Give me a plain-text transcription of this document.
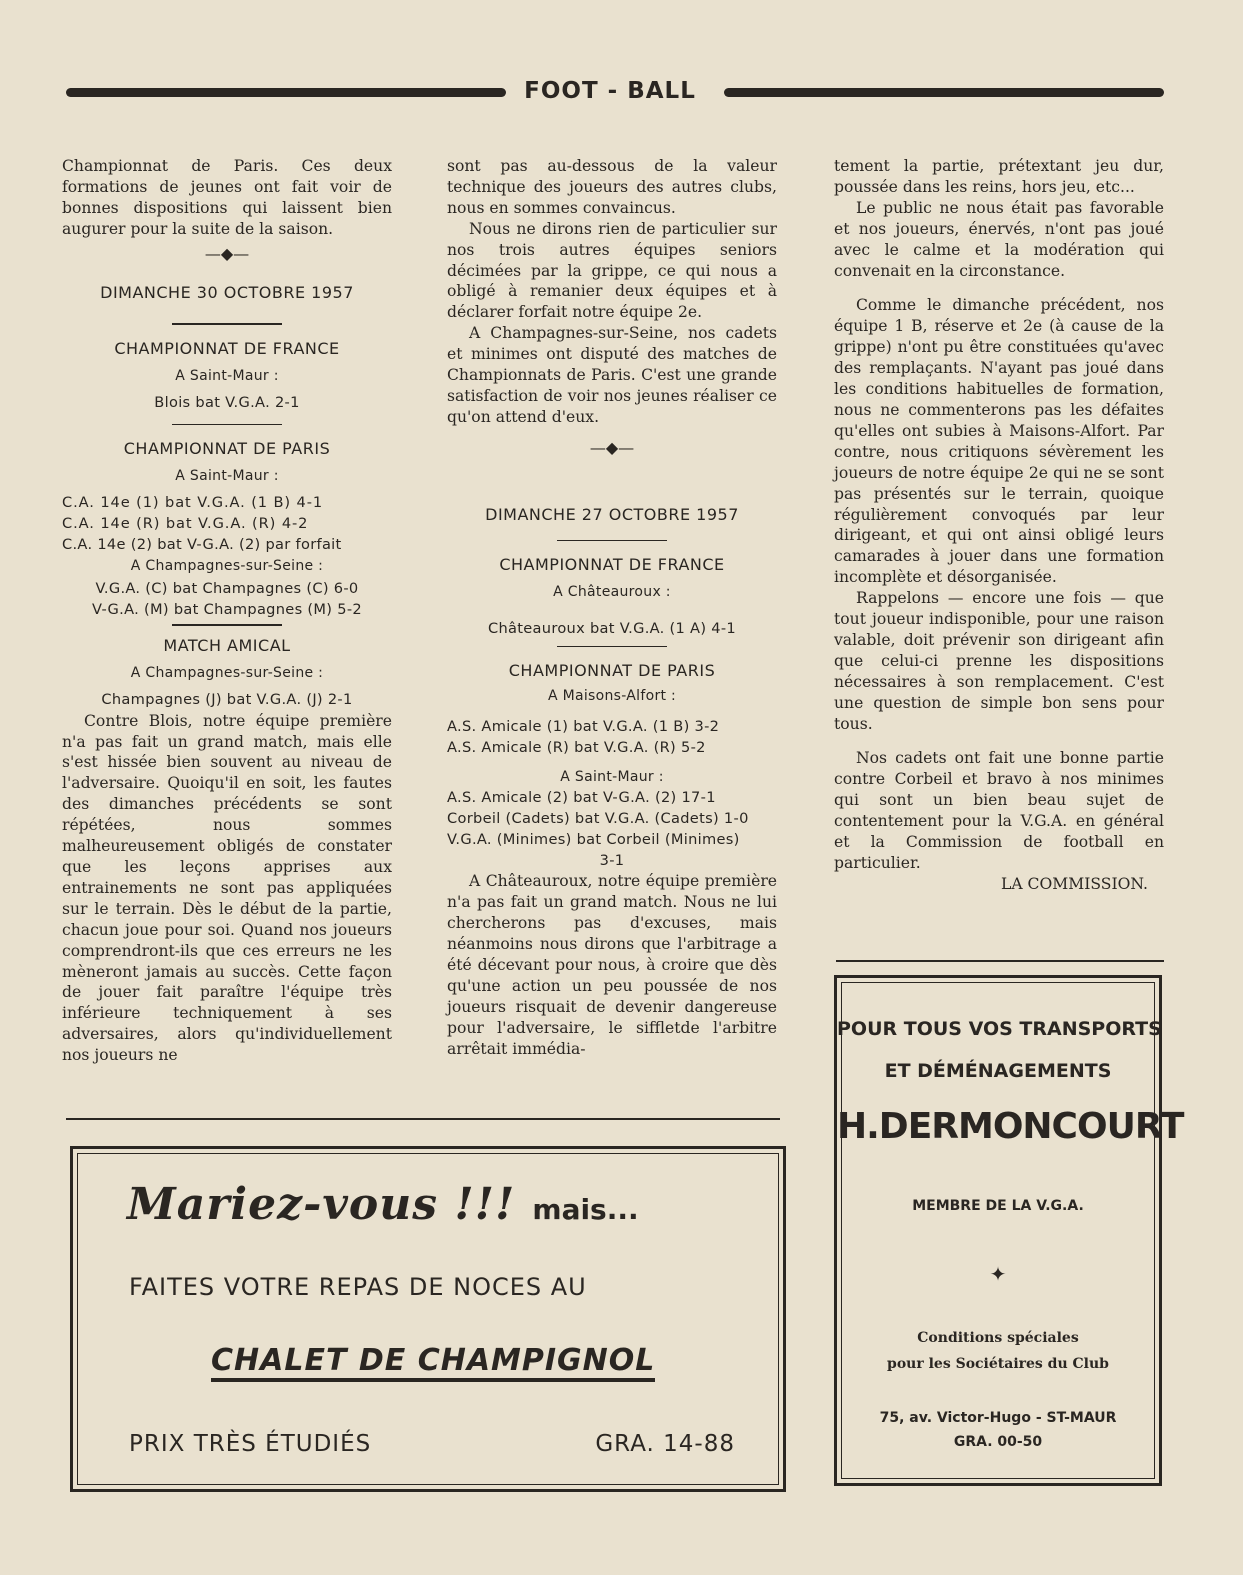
FOOT - BALL

Championnat de Paris. Ces deux formations de jeunes ont fait voir de bonnes dispositions qui laissent bien augurer pour la suite de la saison.

—◆—
DIMANCHE 30 OCTOBRE 1957
CHAMPIONNAT DE FRANCE
A Saint-Maur :
Blois bat V.G.A. 2-1
CHAMPIONNAT DE PARIS
A Saint-Maur :
C.A. 14e (1) bat V.G.A. (1 B) 4-1
C.A. 14e (R) bat V.G.A. (R) 4-2
C.A. 14e (2) bat V-G.A. (2) par forfait
A Champagnes-sur-Seine :
V.G.A. (C) bat Champagnes (C) 6-0
V-G.A. (M) bat Champagnes (M) 5-2
MATCH AMICAL
A Champagnes-sur-Seine :
Champagnes (J) bat V.G.A. (J) 2-1

Contre Blois, notre équipe première n'a pas fait un grand match, mais elle s'est hissée bien souvent au niveau de l'adversaire. Quoiqu'il en soit, les fautes des dimanches précédents se sont répétées, nous sommes malheureusement obligés de constater que les leçons apprises aux entrainements ne sont pas appliquées sur le terrain. Dès le début de la partie, chacun joue pour soi. Quand nos joueurs comprendront-ils que ces erreurs ne les mèneront jamais au succès. Cette façon de jouer fait paraître l'équipe très inférieure techniquement à ses adversaires, alors qu'individuellement nos joueurs ne

sont pas au-dessous de la valeur technique des joueurs des autres clubs, nous en sommes convaincus.

Nous ne dirons rien de particulier sur nos trois autres équipes seniors décimées par la grippe, ce qui nous a obligé à remanier deux équipes et à déclarer forfait notre équipe 2e.

A Champagnes-sur-Seine, nos cadets et minimes ont disputé des matches de Championnats de Paris. C'est une grande satisfaction de voir nos jeunes réaliser ce qu'on attend d'eux.

—◆—
DIMANCHE 27 OCTOBRE 1957
CHAMPIONNAT DE FRANCE
A Châteauroux :
Châteauroux bat V.G.A. (1 A) 4-1
CHAMPIONNAT DE PARIS
A Maisons-Alfort :
A.S. Amicale (1) bat V.G.A. (1 B) 3-2
A.S. Amicale (R) bat V.G.A. (R) 5-2
A Saint-Maur :
A.S. Amicale (2) bat V-G.A. (2) 17-1
Corbeil (Cadets) bat V.G.A. (Cadets) 1-0
V.G.A. (Minimes) bat Corbeil (Minimes)
3-1

A Châteauroux, notre équipe première n'a pas fait un grand match. Nous ne lui chercherons pas d'excuses, mais néanmoins nous dirons que l'arbitrage a été décevant pour nous, à croire que dès qu'une action un peu poussée de nos joueurs risquait de devenir dangereuse pour l'adversaire, le siffletde l'arbitre arrêtait immédia-

tement la partie, prétextant jeu dur, poussée dans les reins, hors jeu, etc...

Le public ne nous était pas favorable et nos joueurs, énervés, n'ont pas joué avec le calme et la modération qui convenait en la circonstance.

Comme le dimanche précédent, nos équipe 1 B, réserve et 2e (à cause de la grippe) n'ont pu être constituées qu'avec des remplaçants. N'ayant pas joué dans les conditions habituelles de formation, nous ne commenterons pas les défaites qu'elles ont subies à Maisons-Alfort. Par contre, nous critiquons sévèrement les joueurs de notre équipe 2e qui ne se sont pas présentés sur le terrain, quoique régulièrement convoqués par leur dirigeant, et qui ont ainsi obligé leurs camarades à jouer dans une formation incomplète et désorganisée.

Rappelons — encore une fois — que tout joueur indisponible, pour une raison valable, doit prévenir son dirigeant afin que celui-ci prenne les dispositions nécessaires à son remplacement. C'est une question de simple bon sens pour tous.

Nos cadets ont fait une bonne partie contre Corbeil et bravo à nos minimes qui sont un bien beau sujet de contentement pour la V.G.A. en général et la Commission de football en particulier.

LA COMMISSION.
Mariez-vous !!! mais...
FAITES VOTRE REPAS DE NOCES AU
CHALET DE CHAMPIGNOL
PRIX TRÈS ÉTUDIÉS	GRA. 14-88
POUR TOUS VOS TRANSPORTS
ET DÉMÉNAGEMENTS
H.DERMONCOURT
MEMBRE DE LA V.G.A.
✦
Conditions spéciales
pour les Sociétaires du Club
75, av. Victor-Hugo - ST-MAUR
GRA. 00-50
